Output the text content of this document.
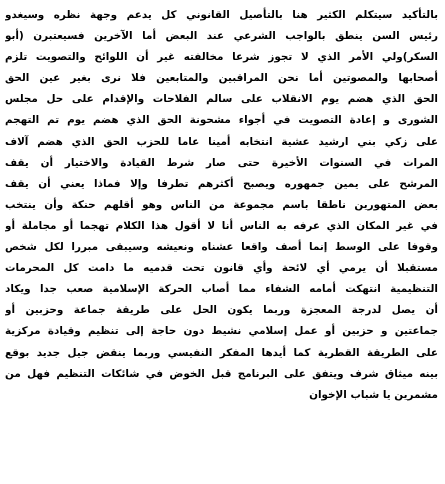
بالتأكيد سيتكلم الكثير هنا بالتأصيل القانوني كل يدعم وجهة نظره وسيغدو
رئيس السن ينطق بالواجب الشرعي عند البعض أما الآخرين فسيعتبرن (أبو
السكر)ولي الأمر الذي لا تجوز شرعا مخالفته غير أن اللوائح والتصويت تلزم
أصحابها والمصوتين أما نحن المراقبين والمتابعين فلا نرى بغير عين الحق
الحق الذي هضم يوم الانقلاب على سالم الفلاحات والإقدام على حل مجلس
الشورى و إعادة التصويت في أجواء مشحونة الحق الذي هضم يوم تم التهجم
على زكي بني ارشيد عشية انتخابه أمينا عاما للحزب الحق الذي هضم آلاف
المرات في السنوات الأخيرة حتى صار شرط القيادة والاختيار أن يقف
المرشح على يمين جمهوره ويصبح أكثرهم تطرفا وإلا فماذا يعني أن يقف
بعض المتهورين ناطقا باسم مجموعة من الناس وهو أقلهم حنكة وأن ينتخب
في غير المكان الذي عرفه به الناس أنا لا أقول هذا الكلام تهجما أو مجاملة أو
وقوفا على الوسط إنما أصف واقعا عشناه ونعيشه وسيبقى مبررا لكل شخص
مستقبلا أن يرمي أي لائحة وأي قانون تحت قدميه ما دامت كل المحرمات
التنظيمية انتهكت أمامه الشفاء مما أصاب الحركة الإسلامية صعب جدا ويكاد
أن يصل لدرجة المعجزة وربما يكون الحل على طريقة جماعة وحزبين أو
جماعتين و حزبين أو عمل إسلامي نشيط دون حاجة إلى تنظيم وقيادة مركزية
على الطريقة القطرية كما أيدها المفكر النفيسي وربما ينقض جيل جديد بوقع
بينه ميثاق شرف ويتفق على البرنامج قبل الخوض في شائكات التنظيم فهل من
مشمرين يا شباب الإخوان
